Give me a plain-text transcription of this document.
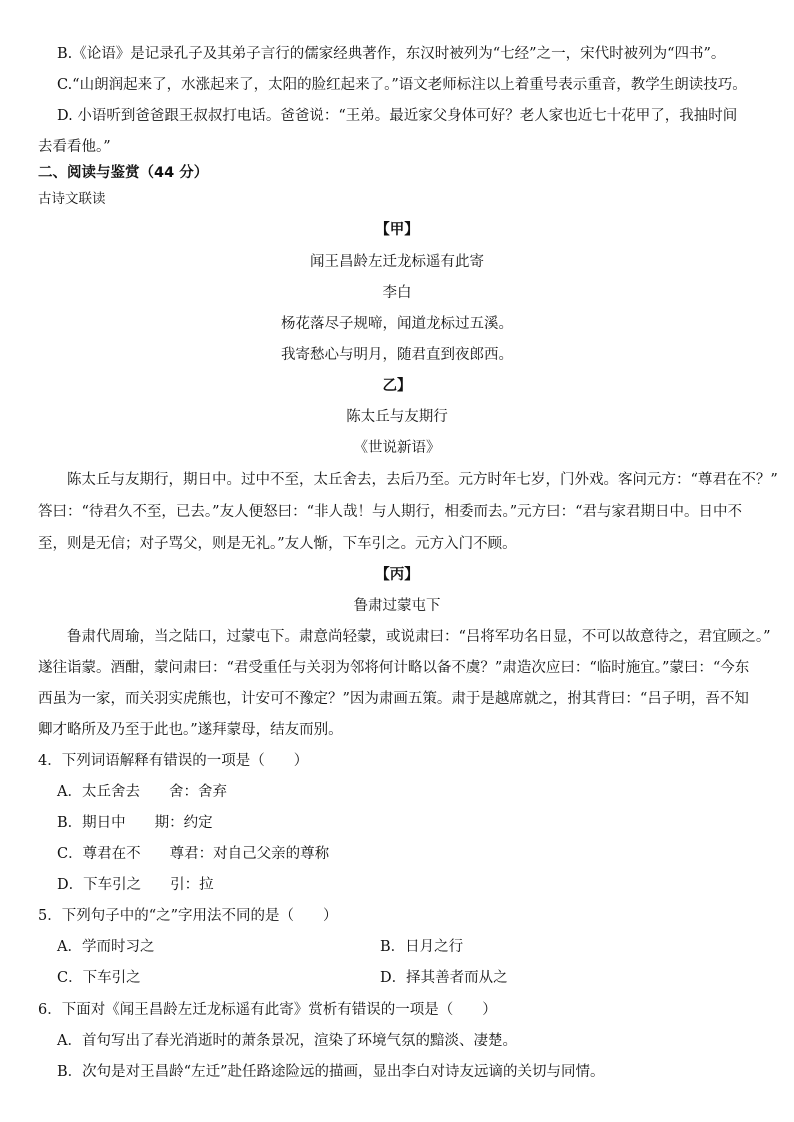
B.《论语》是记录孔子及其弟子言行的儒家经典著作，东汉时被列为“七经”之一，宋代时被列为“四书”。
C.“山朗润起来了，水涨起来了，太阳的脸红起来了。”语文老师标注以上着重号表示重音，教学生朗读技巧。
D. 小语听到爸爸跟王叔叔打电话。爸爸说：“王弟。最近家父身体可好？老人家也近七十花甲了，我抽时间
去看看他。”
二、阅读与鉴赏（44 分）
古诗文联读
【甲】
闻王昌龄左迁龙标遥有此寄
李白
杨花落尽子规啼，闻道龙标过五溪。
我寄愁心与明月，随君直到夜郎西。
乙】
陈太丘与友期行
《世说新语》
陈太丘与友期行，期日中。过中不至，太丘舍去，去后乃至。元方时年七岁，门外戏。客问元方：“尊君在不？”
答曰：“待君久不至，已去。”友人便怒曰：“非人哉！与人期行，相委而去。”元方曰：“君与家君期日中。日中不
至，则是无信；对子骂父，则是无礼。”友人惭，下车引之。元方入门不顾。
【丙】
鲁肃过蒙屯下
鲁肃代周瑜，当之陆口，过蒙屯下。肃意尚轻蒙，或说肃曰：“吕将军功名日显，不可以故意待之，君宜顾之。”
遂往诣蒙。酒酣，蒙问肃曰：“君受重任与关羽为邻将何计略以备不虞？”肃造次应曰：“临时施宜。”蒙曰：“今东
西虽为一家，而关羽实虎熊也，计安可不豫定？”因为肃画五策。肃于是越席就之，拊其背曰：“吕子明，吾不知
卿才略所及乃至于此也。”遂拜蒙母，结友而别。
4．下列词语解释有错误的一项是（　　）
A．太丘舍去　　舍：舍弃
B．期日中　　期：约定
C．尊君在不　　尊君：对自己父亲的尊称
D．下车引之　　引：拉
5．下列句子中的“之”字用法不同的是（　　）
A．学而时习之	B．日月之行
C．下车引之	D．择其善者而从之
6．下面对《闻王昌龄左迁龙标遥有此寄》赏析有错误的一项是（　　）
A．首句写出了春光消逝时的萧条景况，渲染了环境气氛的黯淡、凄楚。
B．次句是对王昌龄“左迁”赴任路途险远的描画，显出李白对诗友远谪的关切与同情。
